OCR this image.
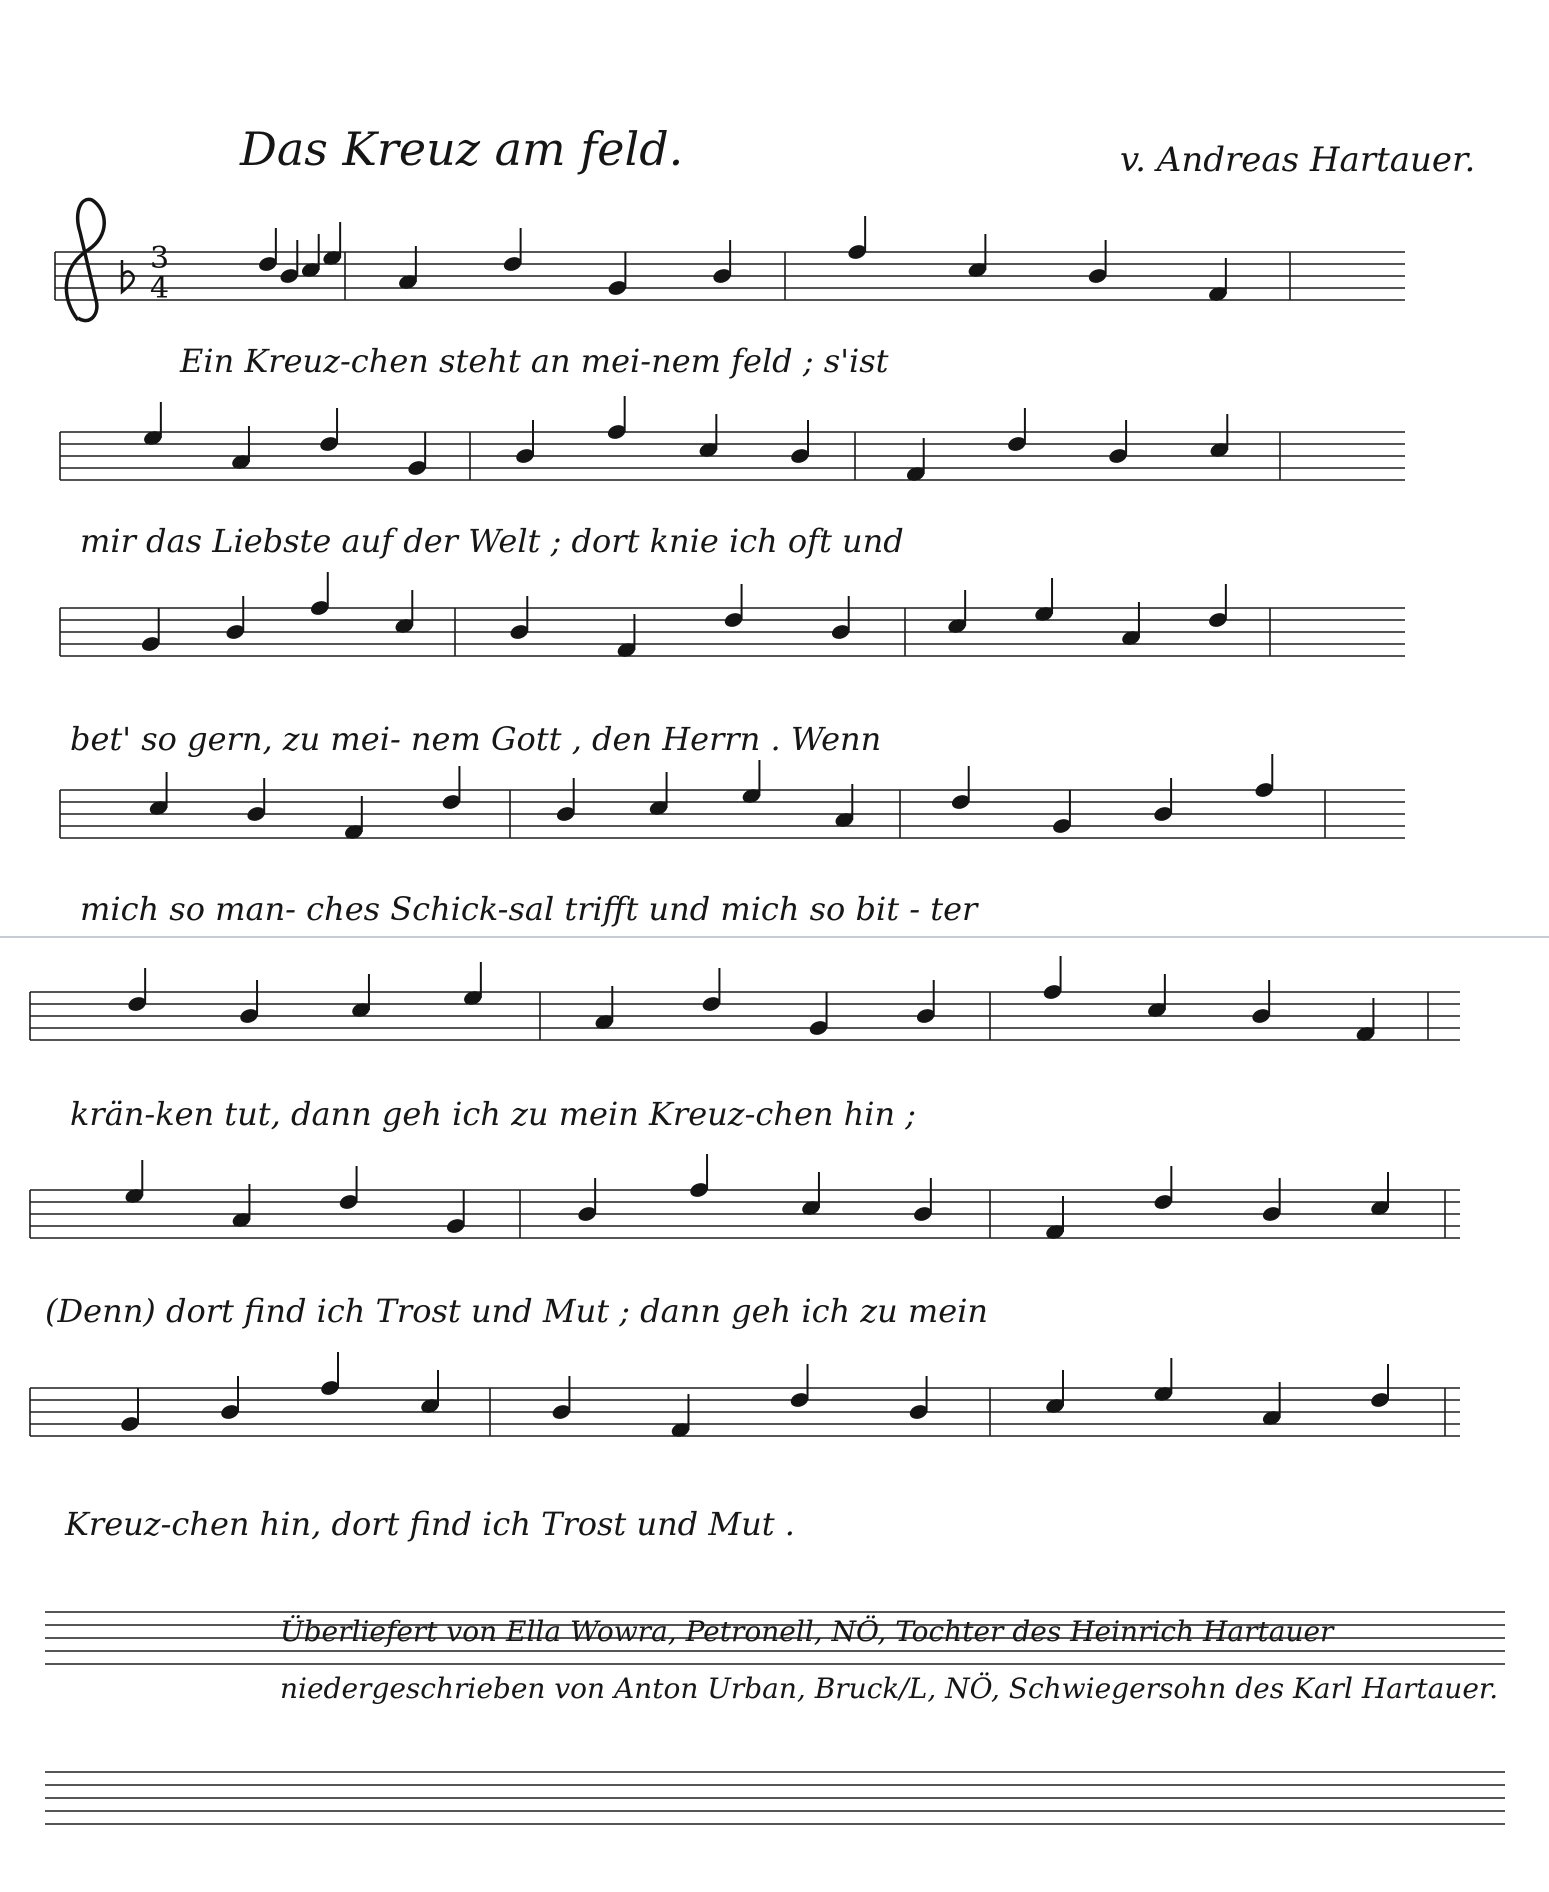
3
4
Das Kreuz am feld.	v. Andreas Hartauer.
Ein Kreuz-chen steht an mei-nem feld ; s'ist
mir das Liebste auf der Welt ; dort knie ich oft und
bet' so gern, zu mei- nem Gott , den Herrn . Wenn
mich so man- ches Schick-sal trifft und mich so bit - ter
krän-ken tut, dann geh ich zu mein Kreuz-chen hin ;
(Denn) dort find ich Trost und Mut ; dann geh ich zu mein
Kreuz-chen hin, dort find ich Trost und Mut .
Überliefert von Ella Wowra, Petronell, NÖ, Tochter des Heinrich Hartauer
niedergeschrieben von Anton Urban, Bruck/L, NÖ, Schwiegersohn des Karl Hartauer.
